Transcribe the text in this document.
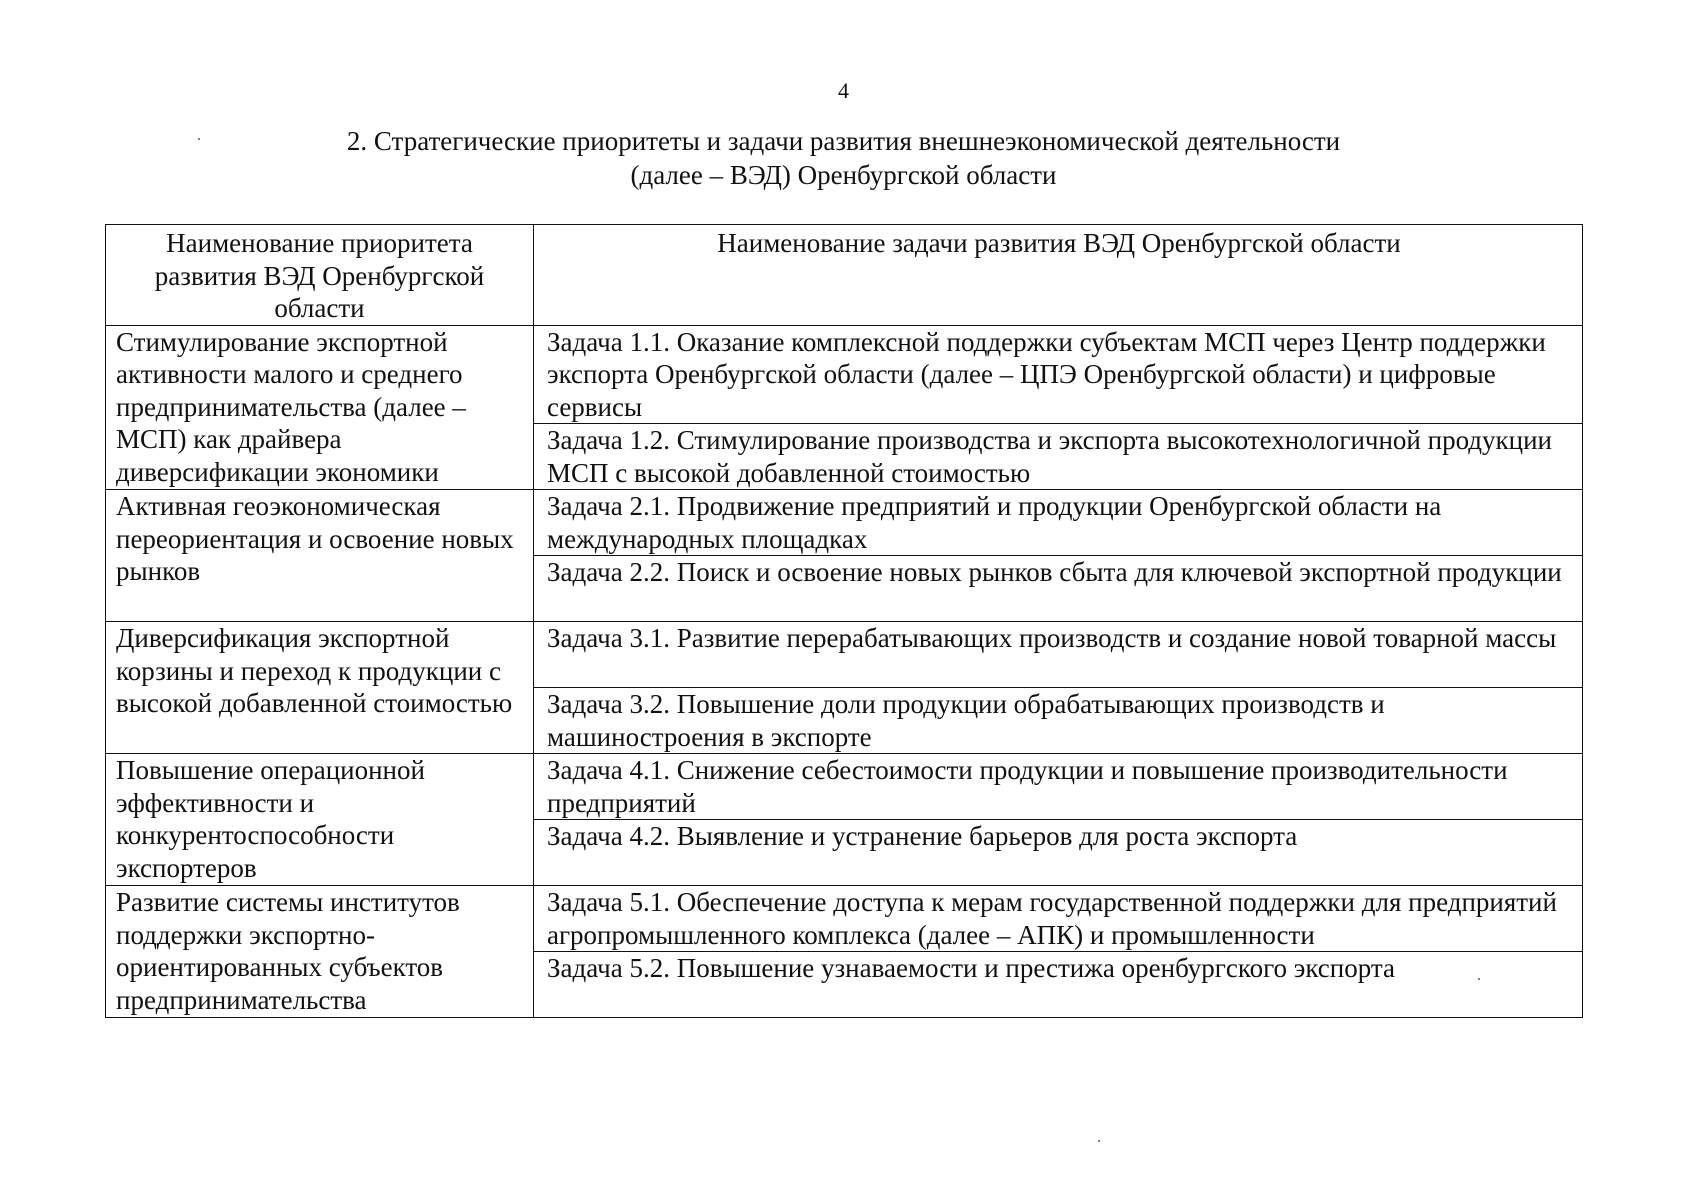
4
2. Стратегические приоритеты и задачи развития внешнеэкономической деятельности
(далее – ВЭД) Оренбургской области
Наименование приоритета развития ВЭД Оренбургской области	Наименование задачи развития ВЭД Оренбургской области
Стимулирование экспортной активности малого и среднего предпринимательства (далее – МСП) как драйвера диверсификации экономики	Задача 1.1. Оказание комплексной поддержки субъектам МСП через Центр поддержки экспорта Оренбургской области (далее – ЦПЭ Оренбургской области) и цифровые сервисы
	Задача 1.2. Стимулирование производства и экспорта высокотехнологичной продукции МСП с высокой добавленной стоимостью
Активная геоэкономическая переориентация и освоение новых рынков	Задача 2.1. Продвижение предприятий и продукции Оренбургской области на международных площадках
	Задача 2.2. Поиск и освоение новых рынков сбыта для ключевой экспортной продукции
Диверсификация экспортной корзины и переход к продукции с высокой добавленной стоимостью	Задача 3.1. Развитие перерабатывающих производств и создание новой товарной массы
	Задача 3.2. Повышение доли продукции обрабатывающих производств и машиностроения в экспорте
Повышение операционной эффективности и конкурентоспособности экспортеров	Задача 4.1. Снижение себестоимости продукции и повышение производительности предприятий
	Задача 4.2. Выявление и устранение барьеров для роста экспорта
Развитие системы институтов поддержки экспортно-ориентированных субъектов предпринимательства	Задача 5.1. Обеспечение доступа к мерам государственной поддержки для предприятий агропромышленного комплекса (далее – АПК) и промышленности
	Задача 5.2. Повышение узнаваемости и престижа оренбургского экспорта
